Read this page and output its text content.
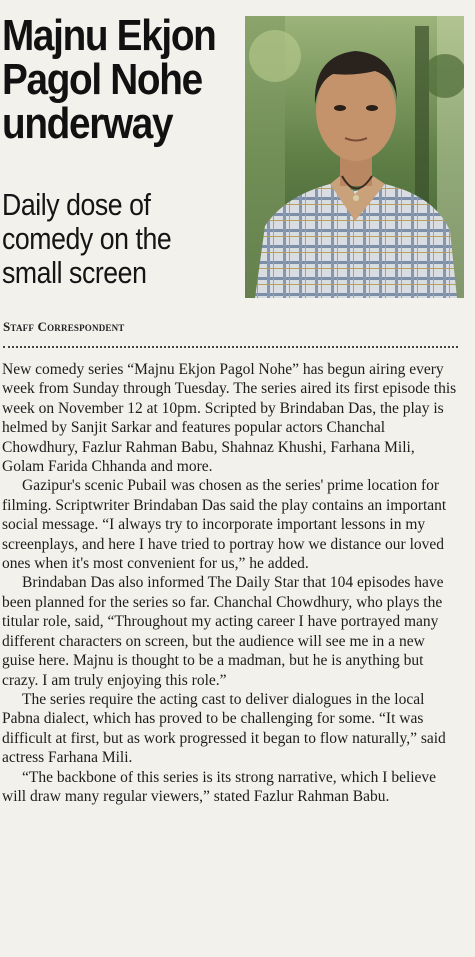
Majnu Ekjon
Pagol Nohe
underway
Daily dose of
comedy on the
small screen
Staff Correspondent

New comedy series “Majnu Ekjon Pagol Nohe” has begun airing every week from Sunday through Tuesday. The series aired its first episode this week on November 12 at 10pm. Scripted by Brindaban Das, the play is helmed by Sanjit Sarkar and features popular actors Chanchal Chowdhury, Fazlur Rahman Babu, Shahnaz Khushi, Farhana Mili, Golam Farida Chhanda and more.

Gazipur's scenic Pubail was chosen as the series' prime location for filming. Scriptwriter Brindaban Das said the play contains an important social message. “I always try to incorporate important lessons in my screenplays, and here I have tried to portray how we distance our loved ones when it's most convenient for us,” he added.

Brindaban Das also informed The Daily Star that 104 episodes have been planned for the series so far. Chanchal Chowdhury, who plays the titular role, said, “Throughout my acting career I have portrayed many different characters on screen, but the audience will see me in a new guise here. Majnu is thought to be a madman, but he is anything but crazy. I am truly enjoying this role.”

The series require the acting cast to deliver dialogues in the local Pabna dialect, which has proved to be challenging for some. “It was difficult at first, but as work progressed it began to flow naturally,” said actress Farhana Mili.

“The backbone of this series is its strong narrative, which I believe will draw many regular viewers,” stated Fazlur Rahman Babu.
